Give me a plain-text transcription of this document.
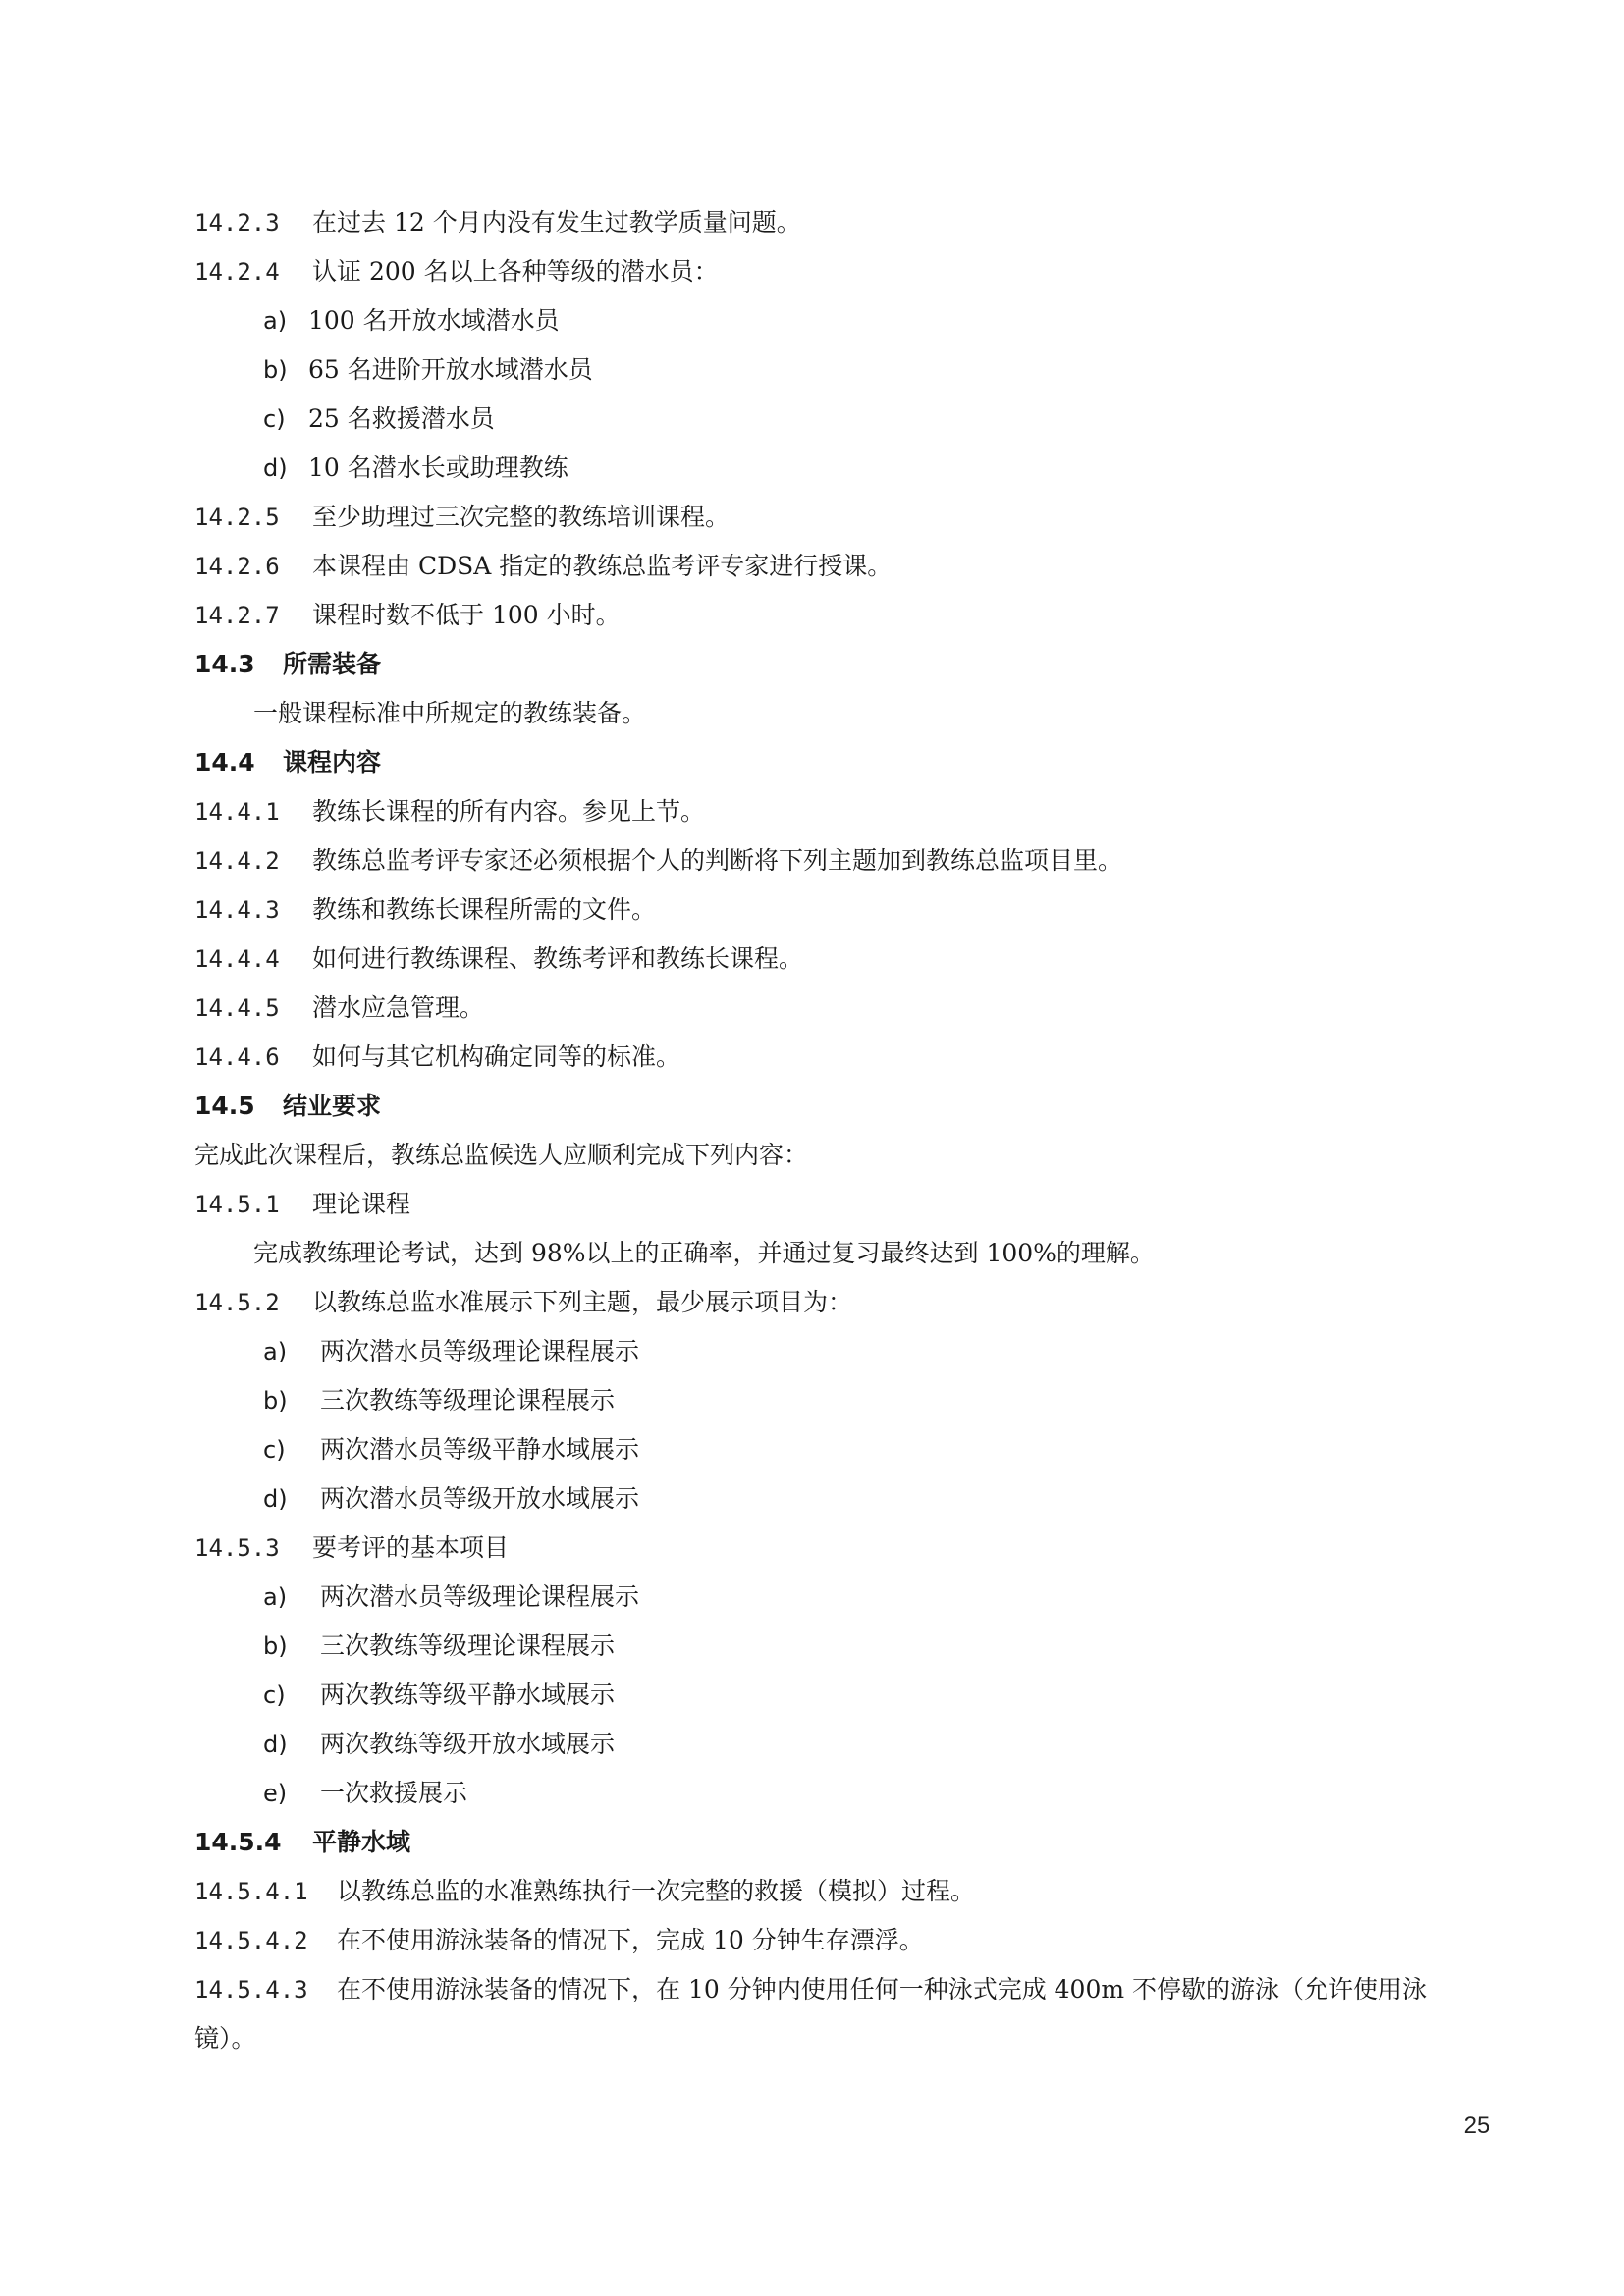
14.2.3	在过去 12 个月内没有发生过教学质量问题。
14.2.4	认证 200 名以上各种等级的潜水员：
a) 100 名开放水域潜水员
b) 65 名进阶开放水域潜水员
c) 25 名救援潜水员
d) 10 名潜水长或助理教练
14.2.5	至少助理过三次完整的教练培训课程。
14.2.6	本课程由 CDSA 指定的教练总监考评专家进行授课。
14.2.7	课程时数不低于 100 小时。
14.3	所需装备
一般课程标准中所规定的教练装备。
14.4	课程内容
14.4.1	教练长课程的所有内容。参见上节。
14.4.2	教练总监考评专家还必须根据个人的判断将下列主题加到教练总监项目里。
14.4.3	教练和教练长课程所需的文件。
14.4.4	如何进行教练课程、教练考评和教练长课程。
14.4.5	潜水应急管理。
14.4.6	如何与其它机构确定同等的标准。
14.5	结业要求
完成此次课程后，教练总监候选人应顺利完成下列内容：
14.5.1	理论课程
完成教练理论考试，达到 98%以上的正确率，并通过复习最终达到 100%的理解。
14.5.2	以教练总监水准展示下列主题，最少展示项目为：
a)	两次潜水员等级理论课程展示
b)	三次教练等级理论课程展示
c)	两次潜水员等级平静水域展示
d)	两次潜水员等级开放水域展示
14.5.3	要考评的基本项目
a)	两次潜水员等级理论课程展示
b)	三次教练等级理论课程展示
c)	两次教练等级平静水域展示
d)	两次教练等级开放水域展示
e)	一次救援展示
14.5.4	平静水域
14.5.4.1	以教练总监的水准熟练执行一次完整的救援（模拟）过程。
14.5.4.2	在不使用游泳装备的情况下，完成 10 分钟生存漂浮。
14.5.4.3 在不使用游泳装备的情况下，在 10 分钟内使用任何一种泳式完成 400m 不停歇的游泳（允许使用泳镜）。
25
